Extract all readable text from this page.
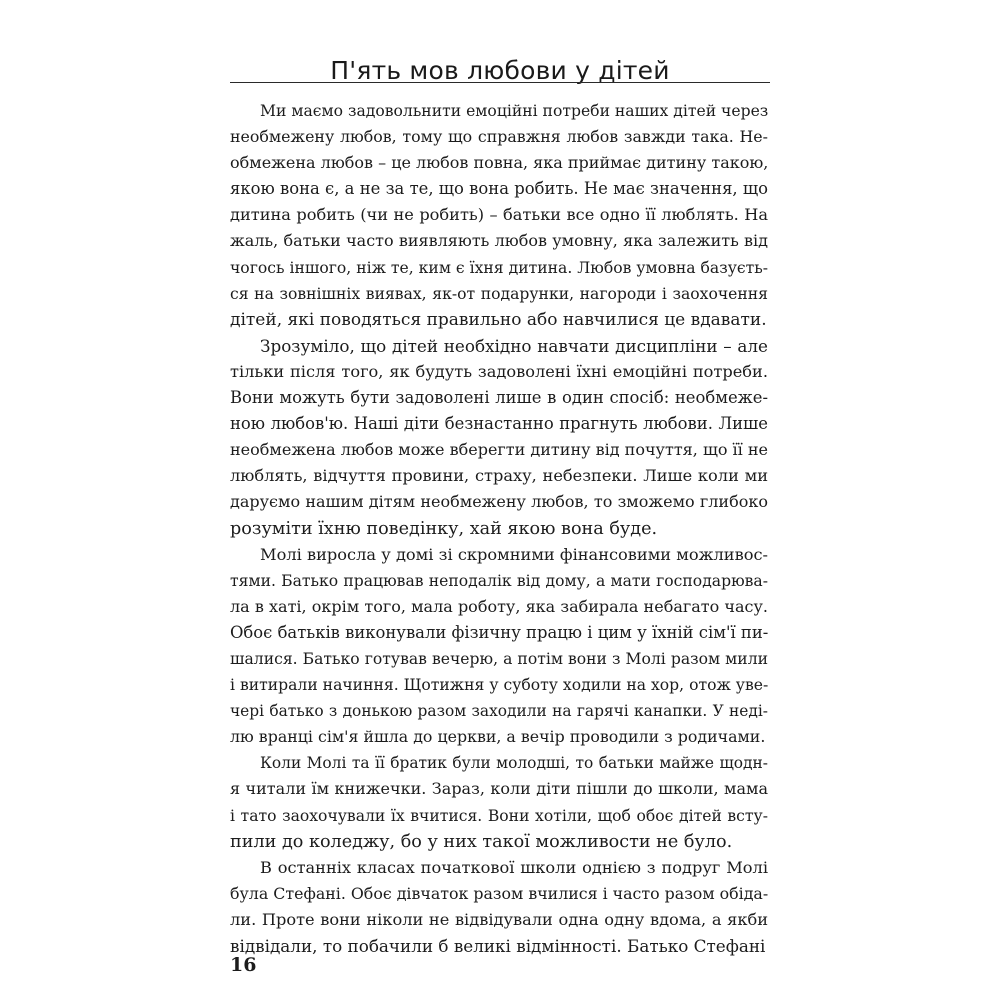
П'ять мов любови у дітей
Ми маємо задовольнити емоційні потреби наших дітей через
необмежену любов, тому що справжня любов завжди така. Не-
обмежена любов – це любов повна, яка приймає дитину такою,
якою вона є, а не за те, що вона робить. Не має значення, що
дитина робить (чи не робить) – батьки все одно її люблять. На
жаль, батьки часто виявляють любов умовну, яка залежить від
чогось іншого, ніж те, ким є їхня дитина. Любов умовна базуєть-
ся на зовнішніх виявах, як-от подарунки, нагороди і заохочення
дітей, які поводяться правильно або навчилися це вдавати.
Зрозуміло, що дітей необхідно навчати дисципліни – але
тільки після того, як будуть задоволені їхні емоційні потреби.
Вони можуть бути задоволені лише в один спосіб: необмеже-
ною любов'ю. Наші діти безнастанно прагнуть любови. Лише
необмежена любов може вберегти дитину від почуття, що її не
люблять, відчуття провини, страху, небезпеки. Лише коли ми
даруємо нашим дітям необмежену любов, то зможемо глибоко
розуміти їхню поведінку, хай якою вона буде.
Молі виросла у домі зі скромними фінансовими можливос-
тями. Батько працював неподалік від дому, а мати господарюва-
ла в хаті, окрім того, мала роботу, яка забирала небагато часу.
Обоє батьків виконували фізичну працю і цим у їхній сім'ї пи-
шалися. Батько готував вечерю, а потім вони з Молі разом мили
і витирали начиння. Щотижня у суботу ходили на хор, отож уве-
чері батько з донькою разом заходили на гарячі канапки. У неді-
лю вранці сім'я йшла до церкви, а вечір проводили з родичами.
Коли Молі та її братик були молодші, то батьки майже щодн-
я читали їм книжечки. Зараз, коли діти пішли до школи, мама
і тато заохочували їх вчитися. Вони хотіли, щоб обоє дітей всту-
пили до коледжу, бо у них такої можливости не було.
В останніх класах початкової школи однією з подруг Молі
була Стефані. Обоє дівчаток разом вчилися і часто разом обіда-
ли. Проте вони ніколи не відвідували одна одну вдома, а якби
відвідали, то побачили б великі відмінності. Батько Стефані
16
